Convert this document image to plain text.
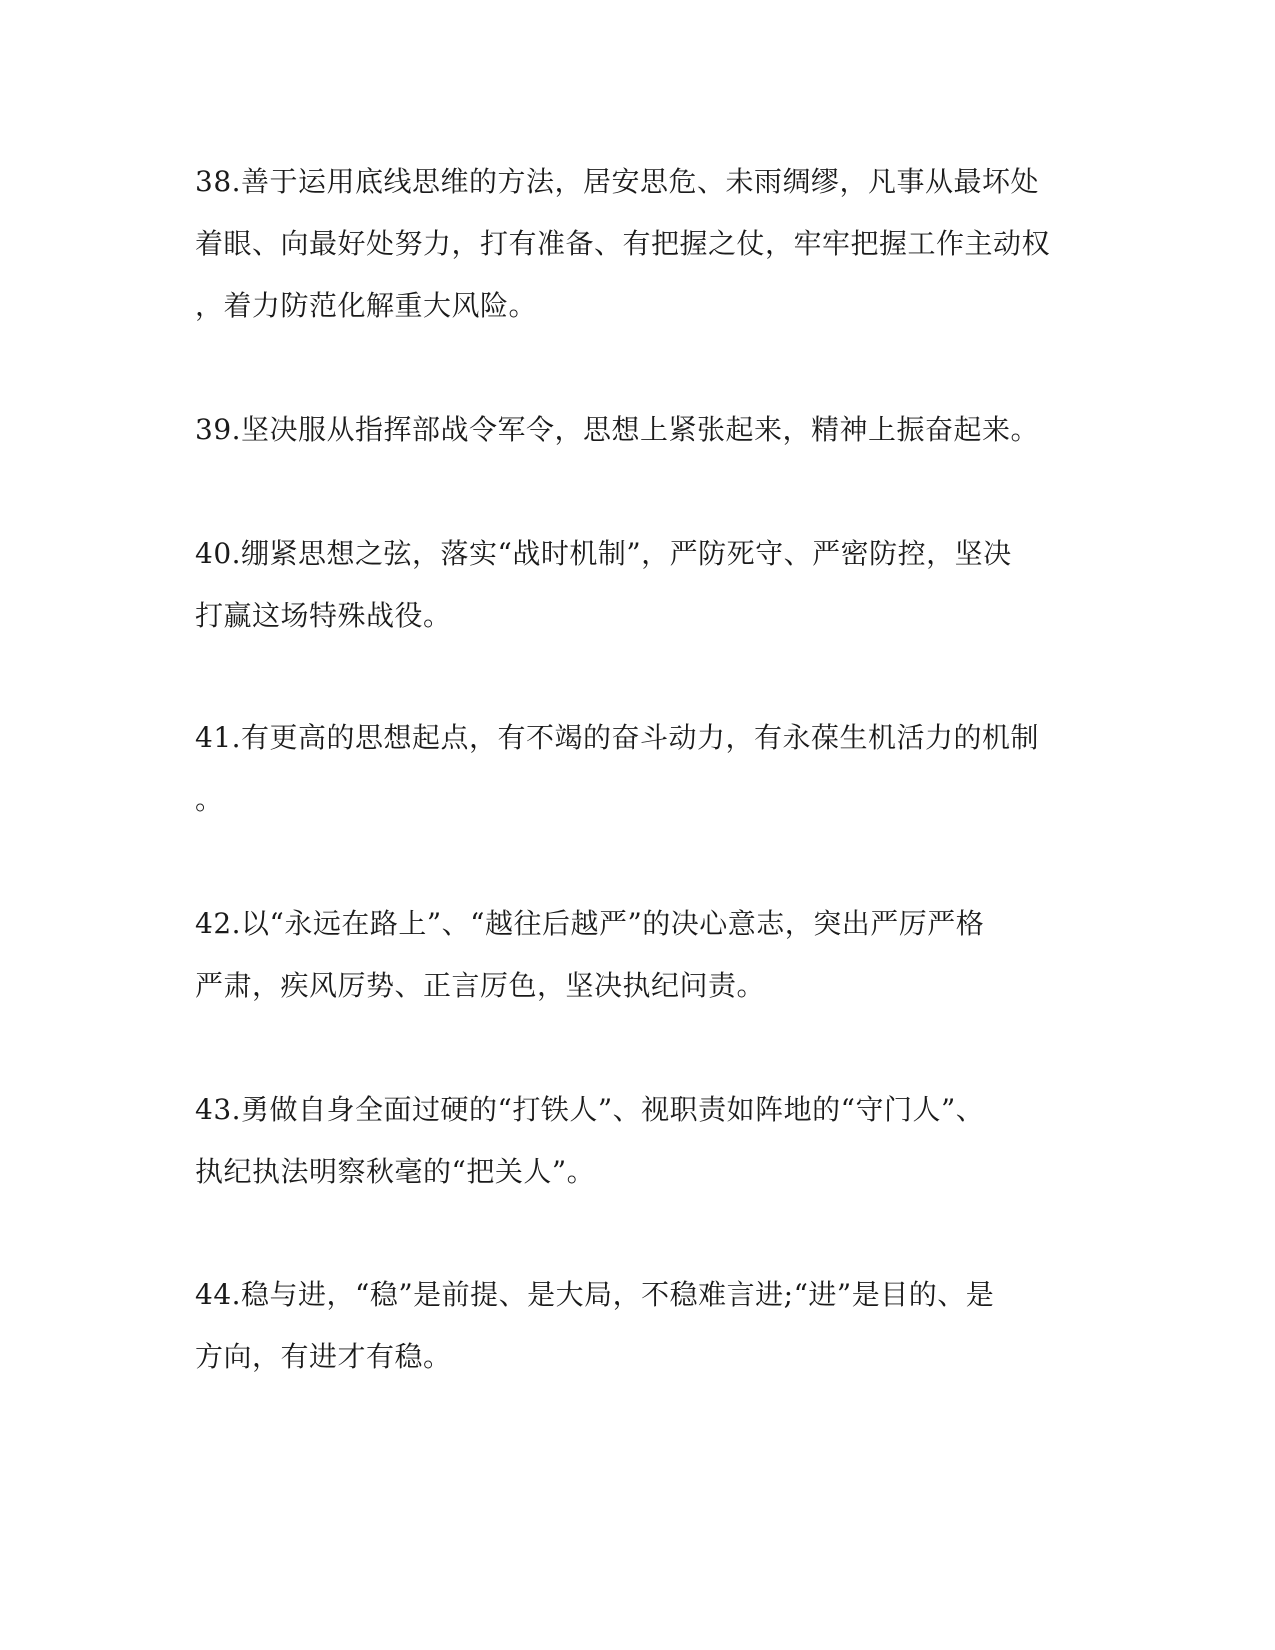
38.善于运用底线思维的方法，居安思危、未雨绸缪，凡事从最坏处
着眼、向最好处努力，打有准备、有把握之仗，牢牢把握工作主动权
，着力防范化解重大风险。
39.坚决服从指挥部战令军令，思想上紧张起来，精神上振奋起来。
40.绷紧思想之弦，落实“战时机制”，严防死守、严密防控，坚决
打赢这场特殊战役。
41.有更高的思想起点，有不竭的奋斗动力，有永葆生机活力的机制
。
42.以“永远在路上”、“越往后越严”的决心意志，突出严厉严格
严肃，疾风厉势、正言厉色，坚决执纪问责。
43.勇做自身全面过硬的“打铁人”、视职责如阵地的“守门人”、
执纪执法明察秋毫的“把关人”。
44.稳与进，“稳”是前提、是大局，不稳难言进;“进”是目的、是
方向，有进才有稳。
